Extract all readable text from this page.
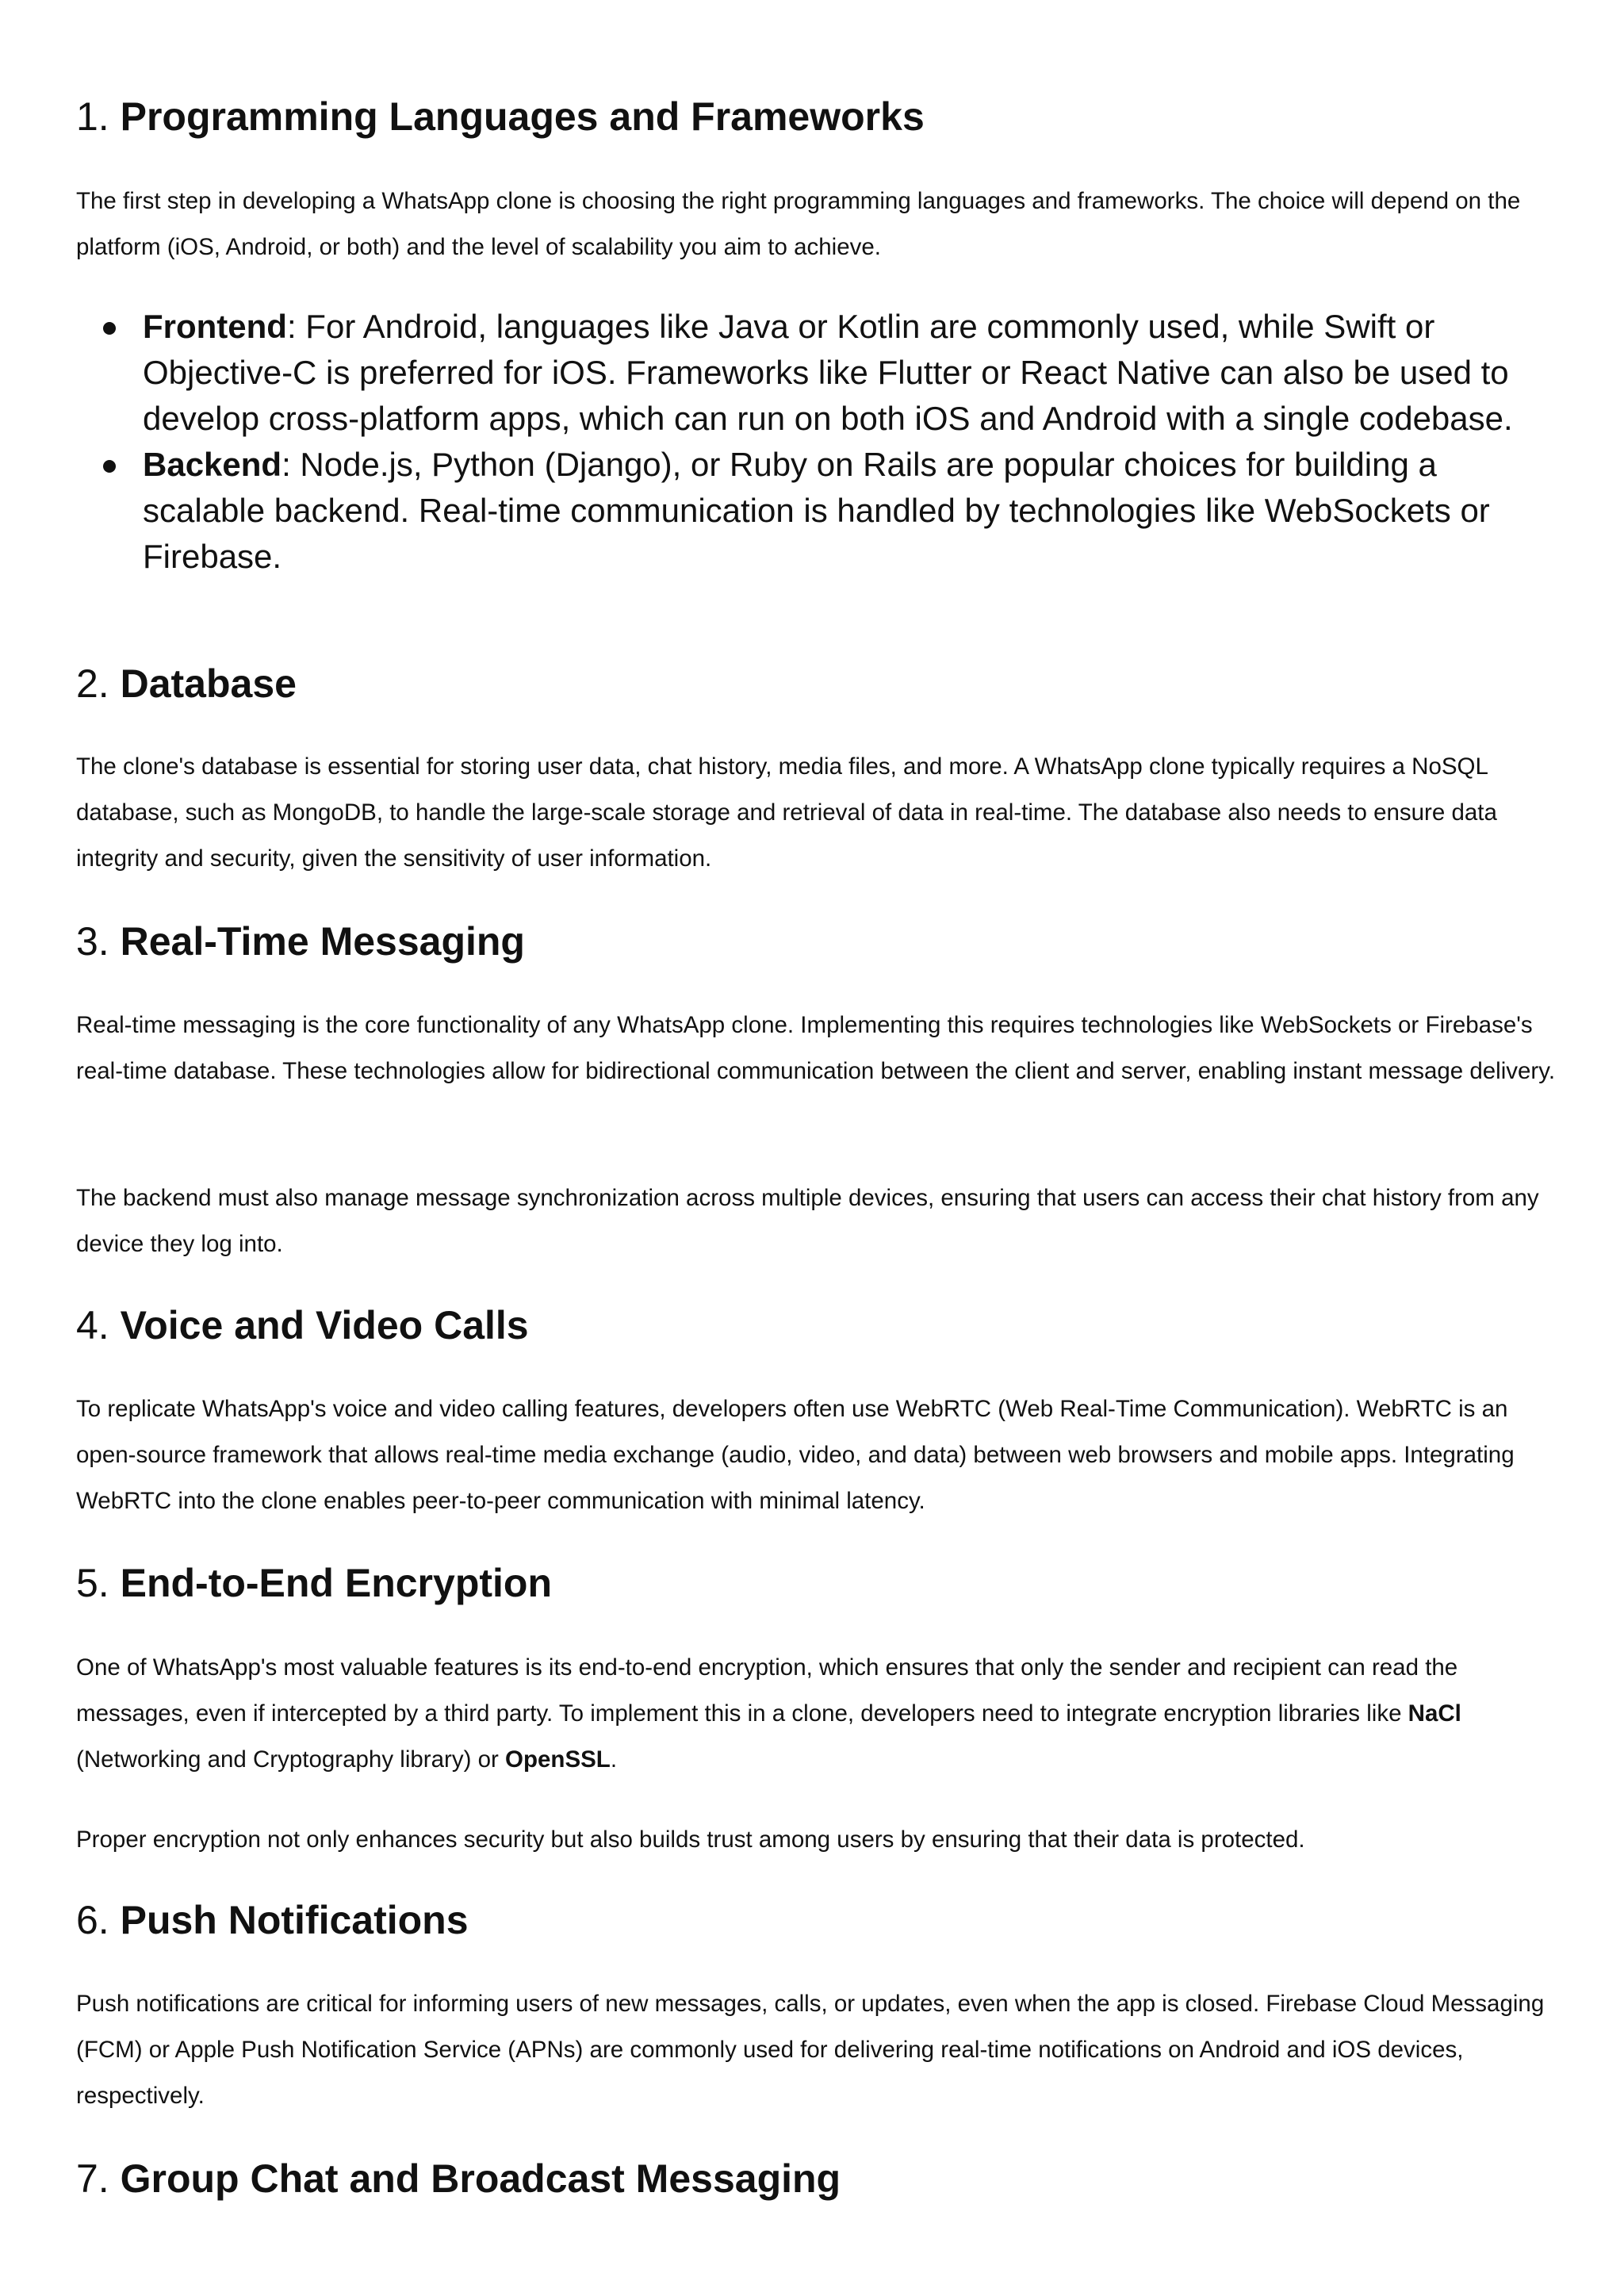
1. Programming Languages and Frameworks

The first step in developing a WhatsApp clone is choosing the right programming languages and frameworks. The choice will depend on the platform (iOS, Android, or both) and the level of scalability you aim to achieve.

Frontend: For Android, languages like Java or Kotlin are commonly used, while Swift or Objective-C is preferred for iOS. Frameworks like Flutter or React Native can also be used to develop cross-platform apps, which can run on both iOS and Android with a single codebase.
Backend: Node.js, Python (Django), or Ruby on Rails are popular choices for building a scalable backend. Real-time communication is handled by technologies like WebSockets or Firebase.
2. Database

The clone's database is essential for storing user data, chat history, media files, and more. A WhatsApp clone typically requires a NoSQL database, such as MongoDB, to handle the large-scale storage and retrieval of data in real-time. The database also needs to ensure data integrity and security, given the sensitivity of user information.

3. Real-Time Messaging

Real-time messaging is the core functionality of any WhatsApp clone. Implementing this requires technologies like WebSockets or Firebase's real-time database. These technologies allow for bidirectional communication between the client and server, enabling instant message delivery.

The backend must also manage message synchronization across multiple devices, ensuring that users can access their chat history from any device they log into.

4. Voice and Video Calls

To replicate WhatsApp's voice and video calling features, developers often use WebRTC (Web Real-Time Communication). WebRTC is an open-source framework that allows real-time media exchange (audio, video, and data) between web browsers and mobile apps. Integrating WebRTC into the clone enables peer-to-peer communication with minimal latency.

5. End-to-End Encryption

One of WhatsApp's most valuable features is its end-to-end encryption, which ensures that only the sender and recipient can read the messages, even if intercepted by a third party. To implement this in a clone, developers need to integrate encryption libraries like NaCl (Networking and Cryptography library) or OpenSSL.

Proper encryption not only enhances security but also builds trust among users by ensuring that their data is protected.

6. Push Notifications

Push notifications are critical for informing users of new messages, calls, or updates, even when the app is closed. Firebase Cloud Messaging (FCM) or Apple Push Notification Service (APNs) are commonly used for delivering real-time notifications on Android and iOS devices, respectively.

7. Group Chat and Broadcast Messaging
